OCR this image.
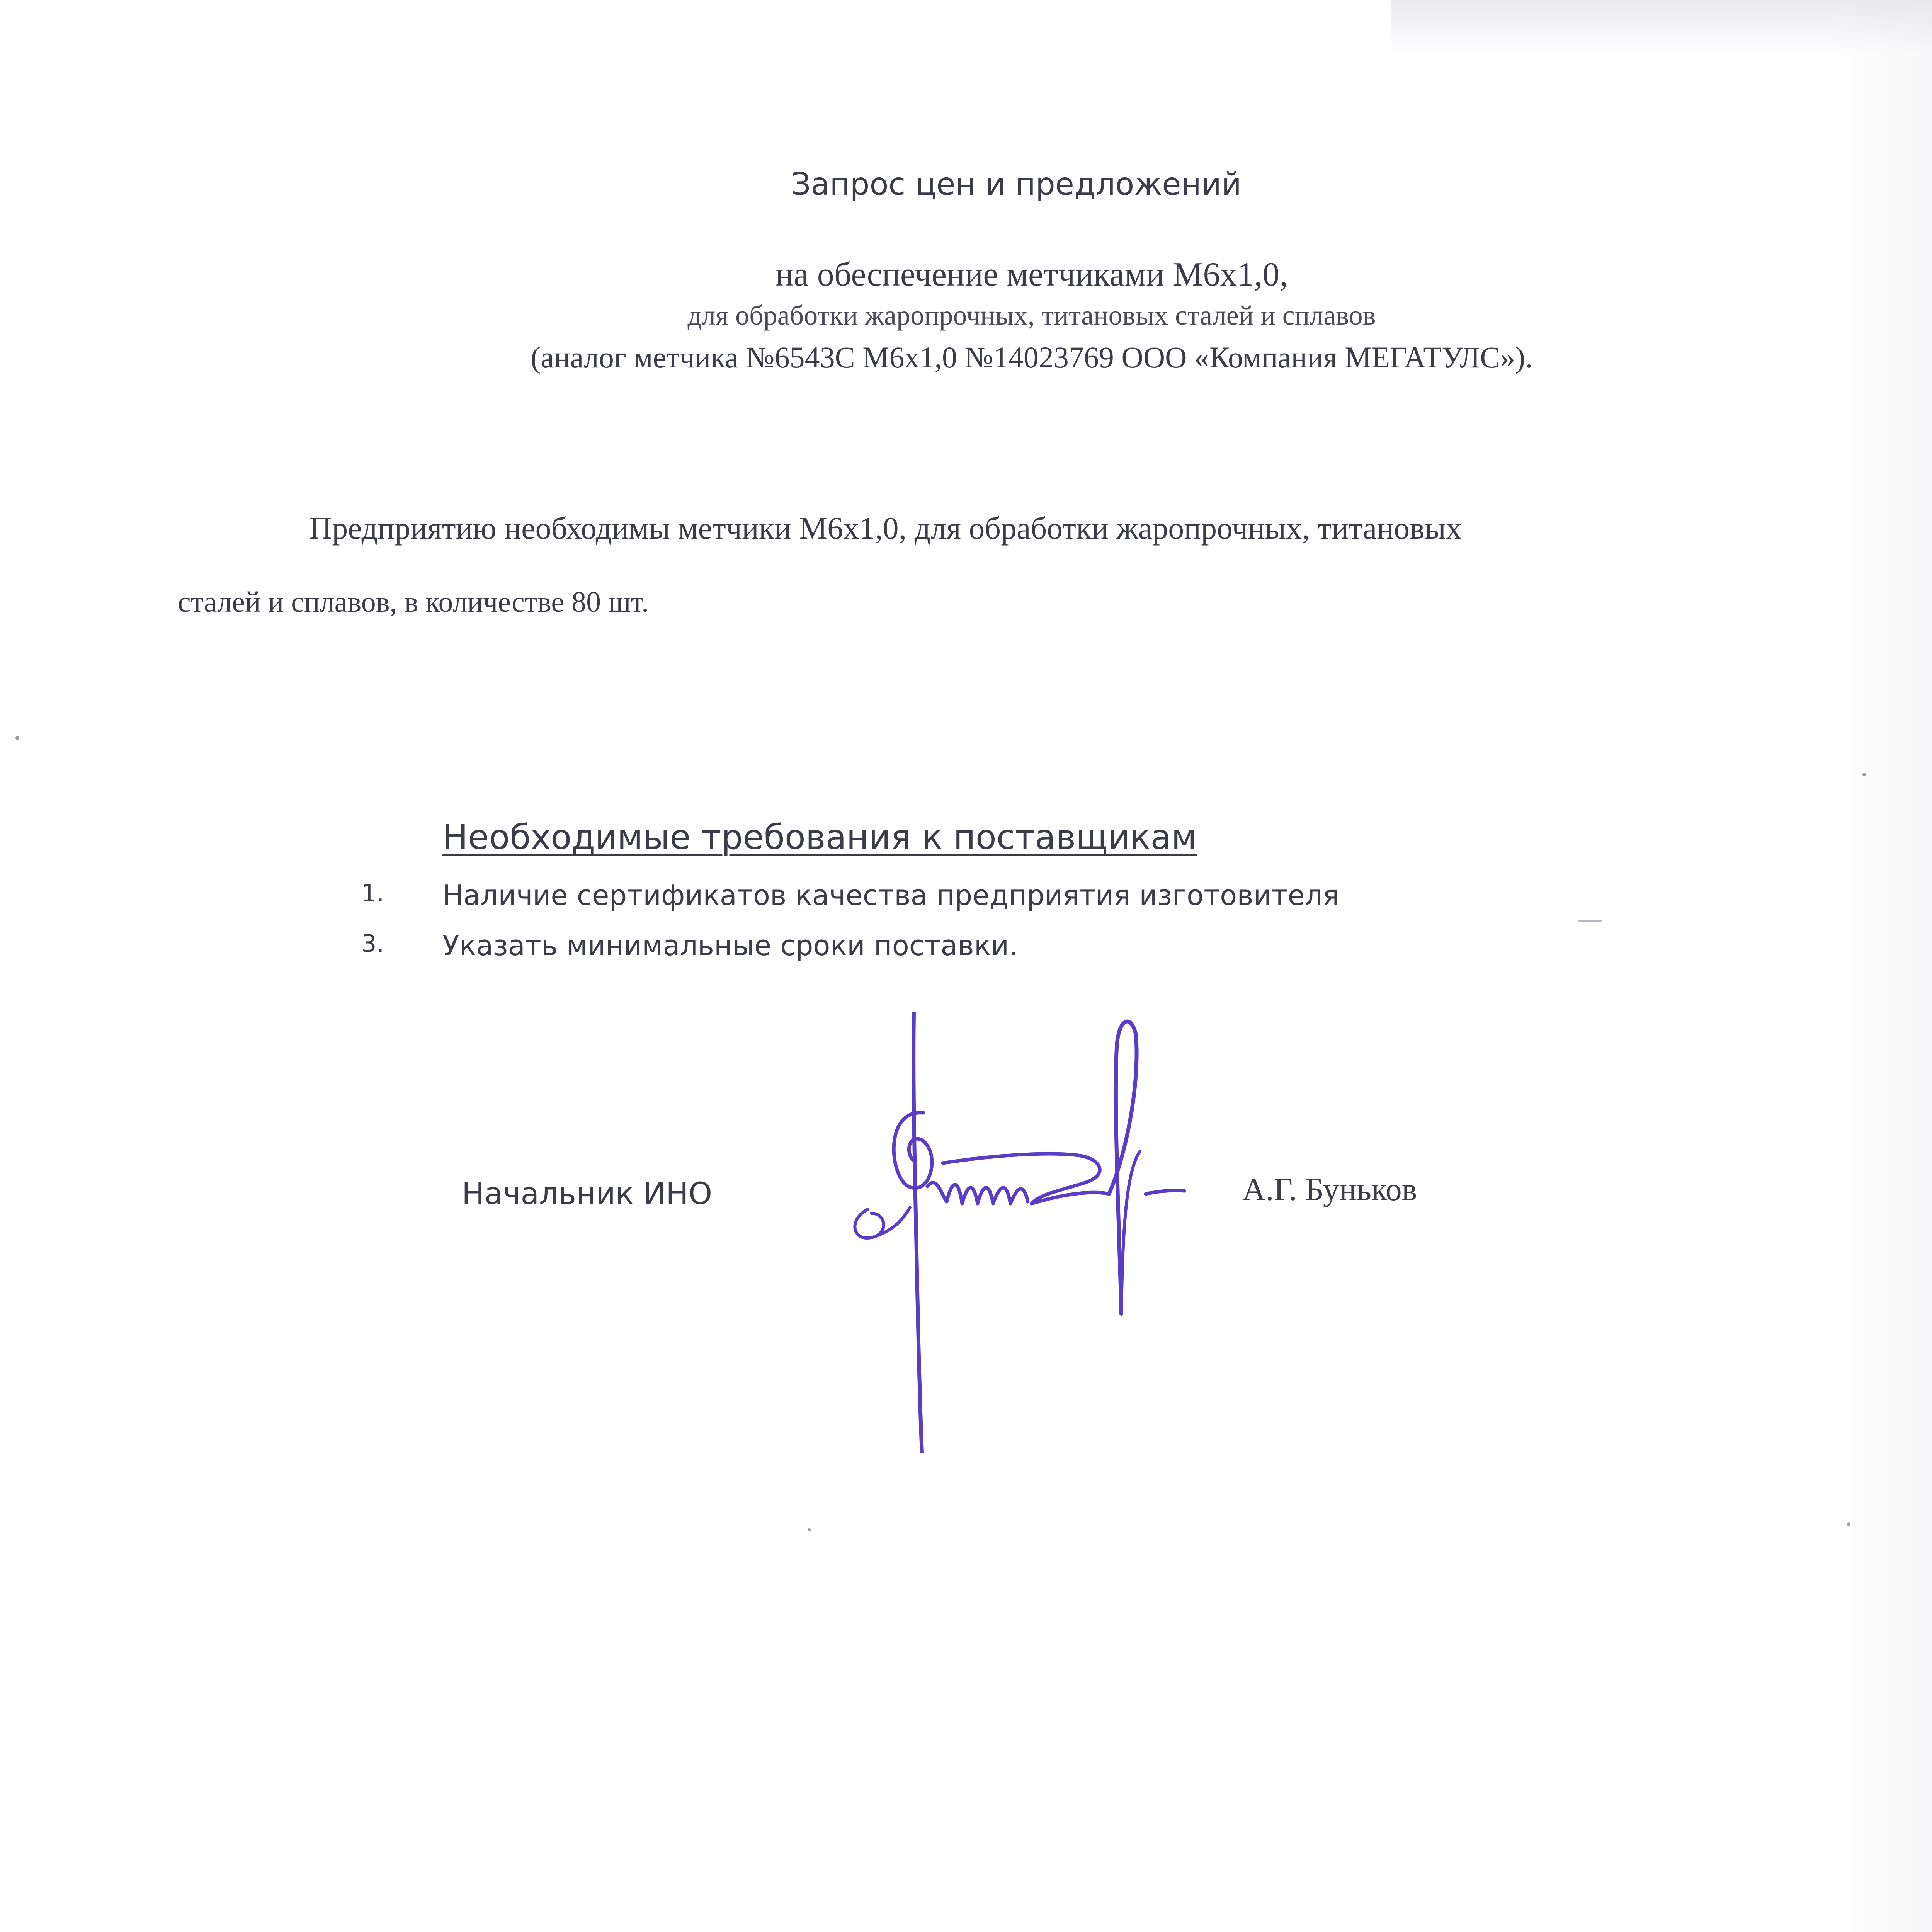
Запрос цен и предложений
на обеспечение метчиками М6х1,0,
для обработки жаропрочных, титановых сталей и сплавов
(аналог метчика №6543С М6х1,0 №14023769 ООО «Компания МЕГАТУЛС»).
Предприятию необходимы метчики М6х1,0, для обработки жаропрочных, титановых
сталей и сплавов, в количестве 80 шт.
Необходимые требования к поставщикам
1. Наличие сертификатов качества предприятия изготовителя
3. Указать минимальные сроки поставки.
Начальник ИНО	А.Г. Буньков
